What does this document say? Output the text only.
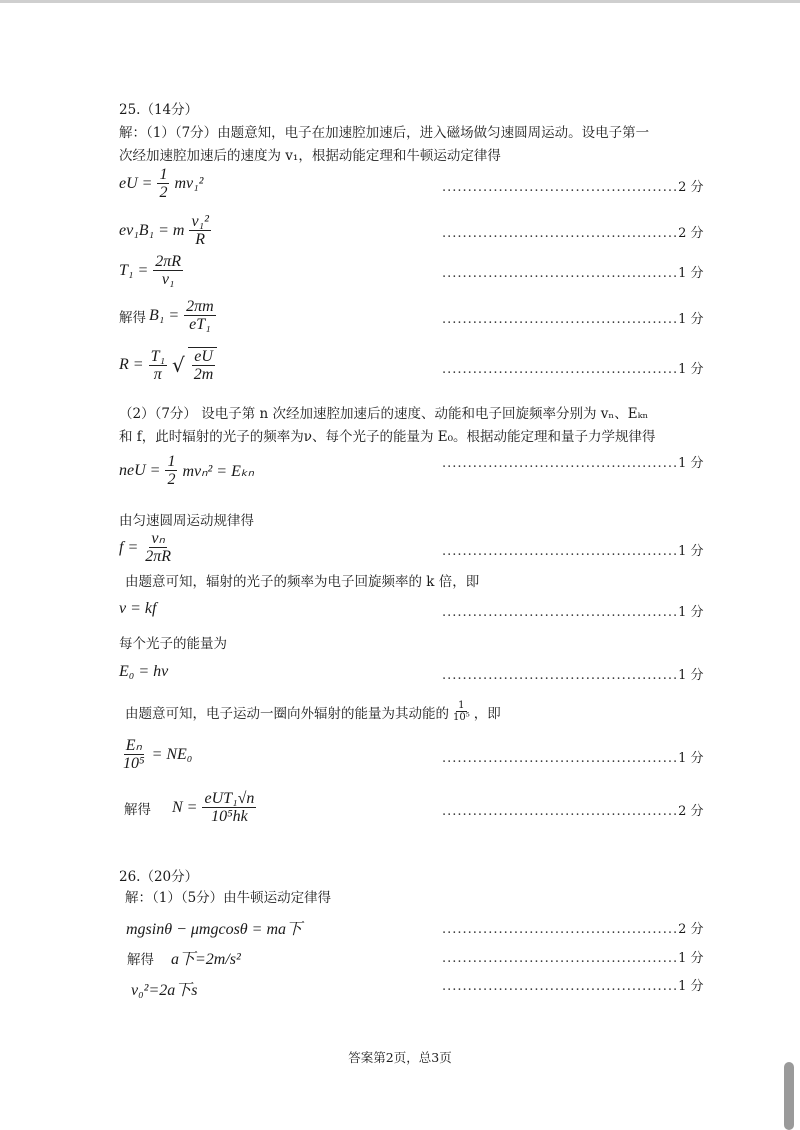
25.（14分）
解：（1）（7分）由题意知，电子在加速腔加速后，进入磁场做匀速圆周运动。设电子第一
次经加速腔加速后的速度为 v₁，根据动能定理和牛顿运动定律得
eU = $\frac{1}{2} mv_1^2$	..............................................2 分
ev₁B₁ = m $\frac{\text{v₁²}}{R}$	..............................................2 分
$T_1 = \frac{2\pi R}{\text{v₁}}$	..............................................1 分
解得 $B_1 = \frac{2\pi m}{\text{eT₁}}$	..............................................1 分
$R = \frac{\text{T₁}}{\pi}$ √ $\frac{eU}{2m}$	..............................................1 分
（2）（7分） 设电子第 n 次经加速腔加速后的速度、动能和电子回旋频率分别为 vₙ、Eₖₙ
和 f，此时辐射的光子的频率为ν、每个光子的能量为 E₀。根据动能定理和量子力学规律得
neU = $\frac{1}{2} mv_n^2 = E_{kn}$	..............................................1 分
由匀速圆周运动规律得
$f = \frac{\text{vₙ}}{2\pi R}$	..............................................1 分
由题意可知，辐射的光子的频率为电子回旋频率的 k 倍，即
ν = kf	..............................................1 分
每个光子的能量为
E₀ = hν	..............................................1 分
由题意可知，电子运动一圈向外辐射的能量为其动能的 $\frac{1}{\text{10⁵}}$ ，即
$\frac{\text{Eₙ}}{\text{10⁵}} = NE_0$	..............................................1 分
解得 $N = \frac{\text{eUT₁√n}}{\text{10⁵hk}}$	..............................................2 分
26.（20分）
解：（1）（5分）由牛顿运动定律得
mgsinθ − μmgcosθ = ma下	..............................................2 分
解得 a下=2m/s²	..............................................1 分
v₀²=2a下s	..............................................1 分
答案第2页，总3页
